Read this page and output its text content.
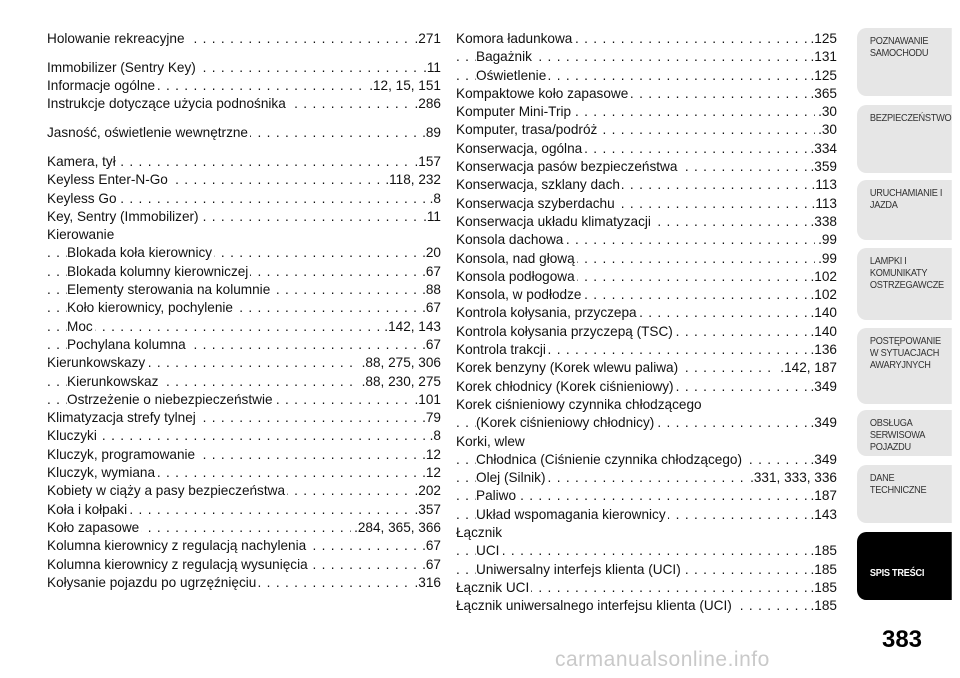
. . . Holowanie rekreacyjne	.271
. . . Immobilizer (Sentry Key)	.11
. . . Informacje ogólne	.12, 15, 151
. . . Instrukcje dotyczące użycia podnośnika	.286
. . . Jasność, oświetlenie wewnętrzne	.89
. . . Kamera, tył	.157
. . . Keyless Enter-N-Go	.118, 232
. . . Keyless Go	.8
. . . Key, Sentry (Immobilizer)	.11
Kierowanie
. . . Blokada koła kierownicy	.20
. . . Blokada kolumny kierowniczej	.67
. . . Elementy sterowania na kolumnie	.88
. . . Koło kierownicy, pochylenie	.67
. . . Moc	.142, 143
. . . Pochylana kolumna	.67
. . . Kierunkowskazy	.88, 275, 306
. . . Kierunkowskaz	.88, 230, 275
. . . Ostrzeżenie o niebezpieczeństwie	.101
. . . Klimatyzacja strefy tylnej	.79
. . . Kluczyki	.8
. . . Kluczyk, programowanie	.12
. . . Kluczyk, wymiana	.12
. . . Kobiety w ciąży a pasy bezpieczeństwa	.202
. . . Koła i kołpaki	.357
. . . Koło zapasowe	.284, 365, 366
. . . Kolumna kierownicy z regulacją nachylenia	.67
. . . Kolumna kierownicy z regulacją wysunięcia	.67
. . . Kołysanie pojazdu po ugrzęźnięciu	.316
. . . Komora ładunkowa	.125
. . . Bagażnik	.131
. . . Oświetlenie	.125
. . . Kompaktowe koło zapasowe	.365
. . . Komputer Mini-Trip	.30
. . . Komputer, trasa/podróż	.30
. . . Konserwacja, ogólna	.334
. . . Konserwacja pasów bezpieczeństwa	.359
. . . Konserwacja, szklany dach	.113
. . . Konserwacja szyberdachu	.113
. . . Konserwacja układu klimatyzacji	.338
. . . Konsola dachowa	.99
. . . Konsola, nad głową	.99
. . . Konsola podłogowa	.102
. . . Konsola, w podłodze	.102
. . . Kontrola kołysania, przyczepa	.140
. . . Kontrola kołysania przyczepą (TSC)	.140
. . . Kontrola trakcji	.136
. . . Korek benzyny (Korek wlewu paliwa)	.142, 187
. . . Korek chłodnicy (Korek ciśnieniowy)	.349
Korek ciśnieniowy czynnika chłodzącego
. . . (Korek ciśnieniowy chłodnicy)	.349
Korki, wlew
. . . Chłodnica (Ciśnienie czynnika chłodzącego)	.349
. . . Olej (Silnik)	.331, 333, 336
. . . Paliwo	.187
. . . Układ wspomagania kierownicy	.143
Łącznik
. . . UCI	.185
. . . Uniwersalny interfejs klienta (UCI)	.185
. . . Łącznik UCI	.185
. . . Łącznik uniwersalnego interfejsu klienta (UCI)	.185
POZNAWANIE SAMOCHODU
BEZPIECZEŃSTWO
URUCHAMIANIE I JAZDA
LAMPKI I KOMUNIKATY OSTRZEGAWCZE
POSTĘPOWANIE W SYTUACJACH AWARYJNYCH
OBSŁUGA SERWISOWA POJAZDU
DANE TECHNICZNE
SPIS TREŚCI
383
carmanualsonline.info
